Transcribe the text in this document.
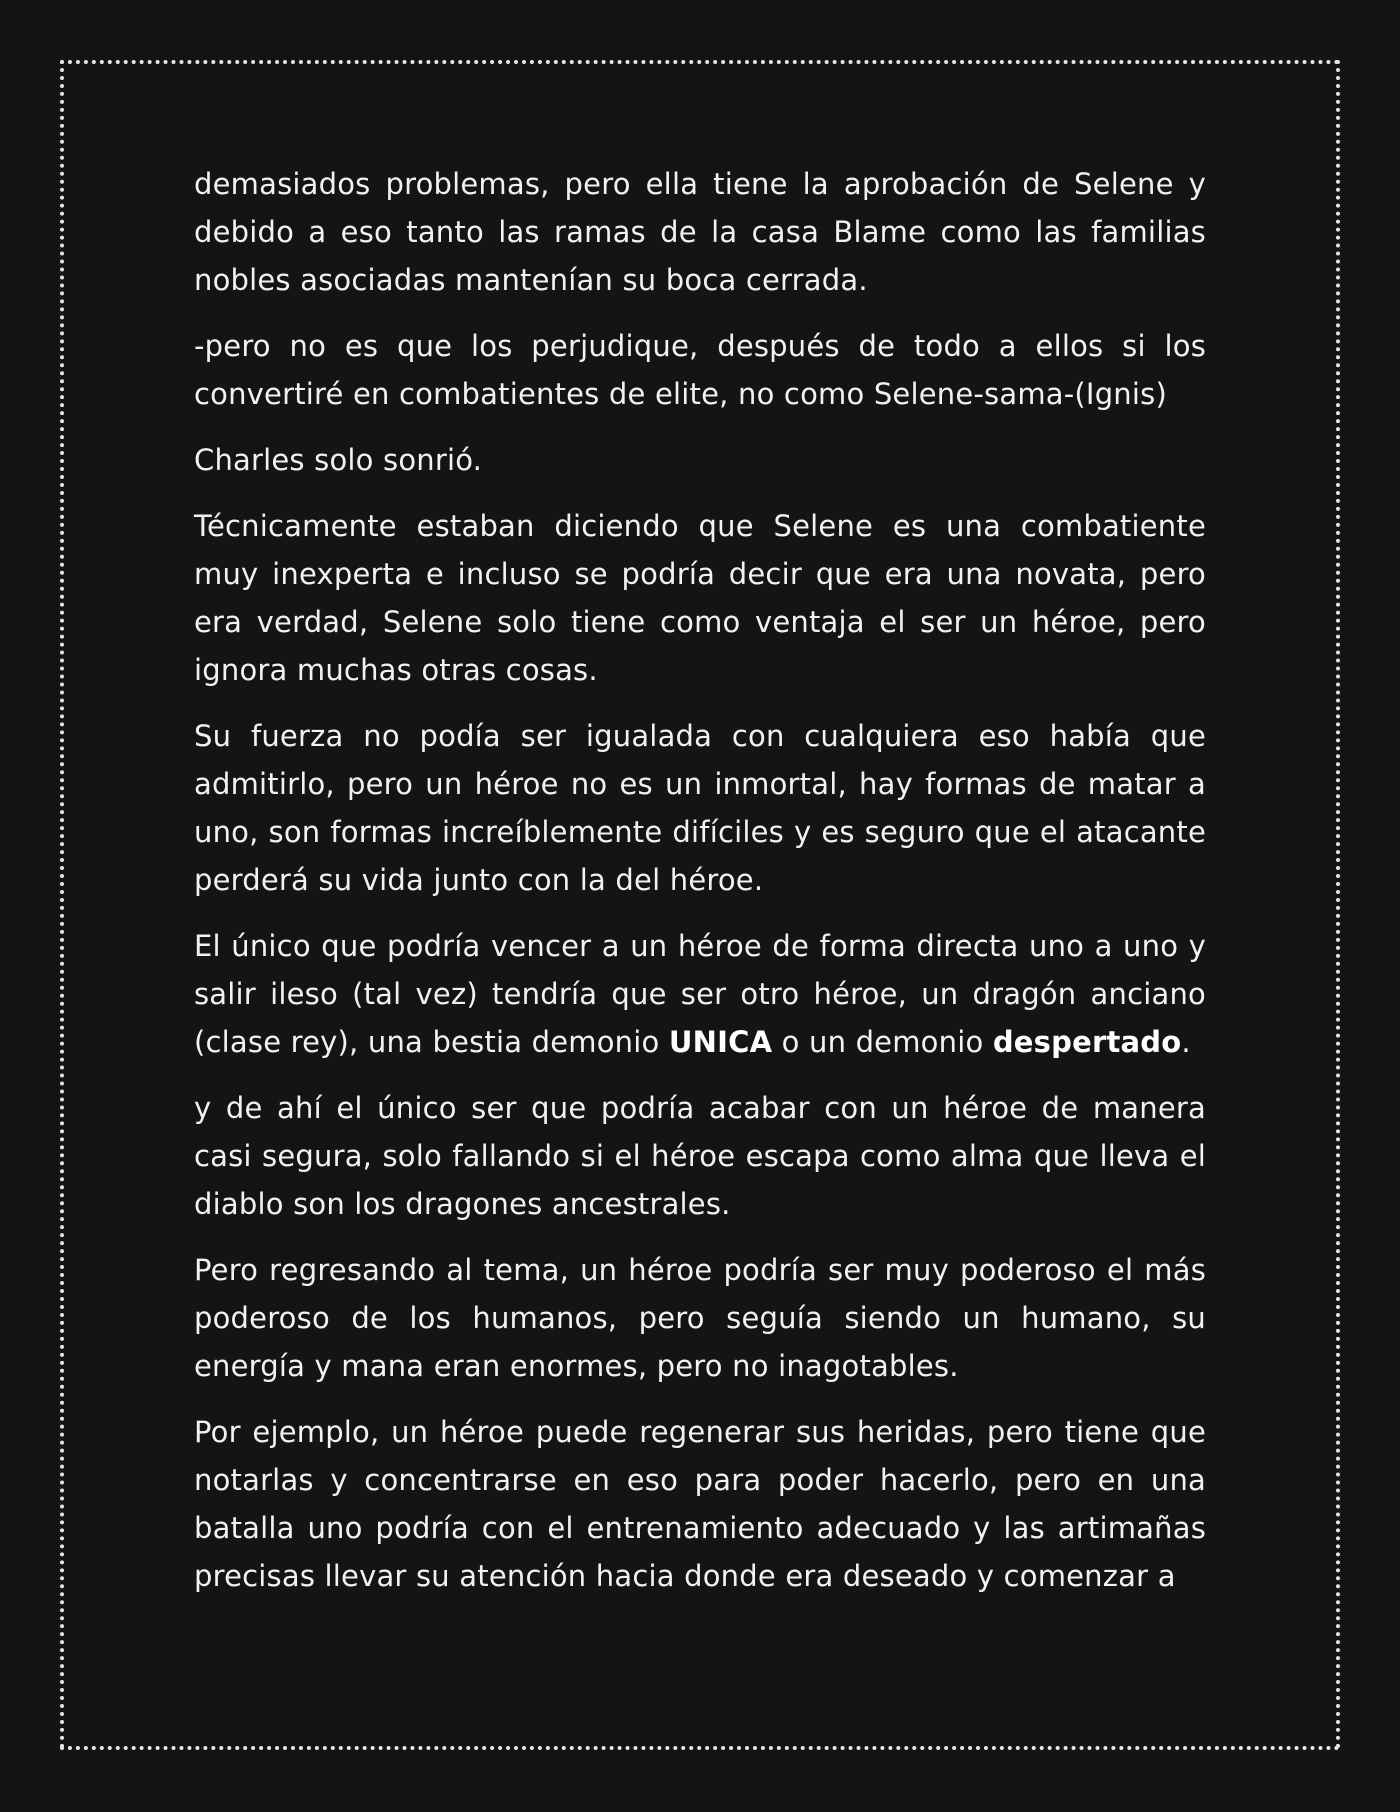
demasiados problemas, pero ella tiene la aprobación de Selene y debido a eso tanto las ramas de la casa Blame como las familias nobles asociadas mantenían su boca cerrada.

-pero no es que los perjudique, después de todo a ellos si los convertiré en combatientes de elite, no como Selene-sama-(Ignis)

Charles solo sonrió.

Técnicamente estaban diciendo que Selene es una combatiente muy inexperta e incluso se podría decir que era una novata, pero era verdad, Selene solo tiene como ventaja el ser un héroe, pero ignora muchas otras cosas.

Su fuerza no podía ser igualada con cualquiera eso había que admitirlo, pero un héroe no es un inmortal, hay formas de matar a uno, son formas increíblemente difíciles y es seguro que el atacante perderá su vida junto con la del héroe.

El único que podría vencer a un héroe de forma directa uno a uno y salir ileso (tal vez) tendría que ser otro héroe, un dragón anciano (clase rey), una bestia demonio UNICA o un demonio despertado.

y de ahí el único ser que podría acabar con un héroe de manera casi segura, solo fallando si el héroe escapa como alma que lleva el diablo son los dragones ancestrales.

Pero regresando al tema, un héroe podría ser muy poderoso el más poderoso de los humanos, pero seguía siendo un humano, su energía y mana eran enormes, pero no inagotables.

Por ejemplo, un héroe puede regenerar sus heridas, pero tiene que notarlas y concentrarse en eso para poder hacerlo, pero en una batalla uno podría con el entrenamiento adecuado y las artimañas precisas llevar su atención hacia donde era deseado y comenzar a
